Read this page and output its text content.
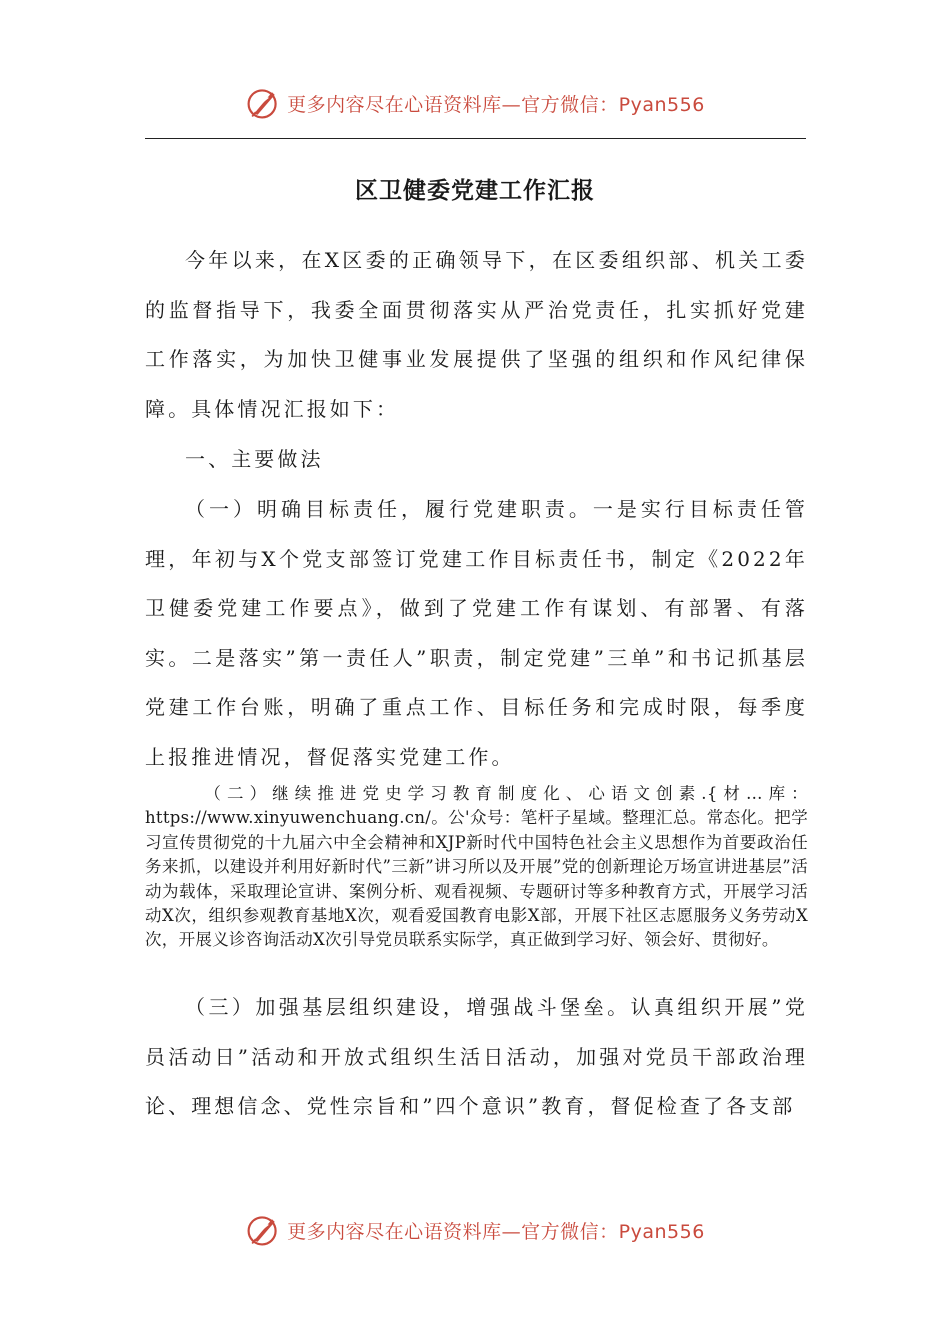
更多内容尽在心语资料库—官方微信：Pyan556
区卫健委党建工作汇报

今年以来，在X区委的正确领导下，在区委组织部、机关工委的监督指导下，我委全面贯彻落实从严治党责任，扎实抓好党建工作落实，为加快卫健事业发展提供了坚强的组织和作风纪律保障。具体情况汇报如下：

一、主要做法

（一）明确目标责任，履行党建职责。一是实行目标责任管理，年初与X个党支部签订党建工作目标责任书，制定《2022年卫健委党建工作要点》，做到了党建工作有谋划、有部署、有落实。二是落实”第一责任人”职责，制定党建”三单”和书记抓基层党建工作台账，明确了重点工作、目标任务和完成时限，每季度上报推进情况，督促落实党建工作。

（二）继续推进党史学习教育制度化、心语文创素.{材…库：https://www.xinyuwenchuang.cn/。公'众号：笔杆子星域。整理汇总。常态化。把学习宣传贯彻党的十九届六中全会精神和XJP新时代中国特色社会主义思想作为首要政治任务来抓，以建设并利用好新时代”三新”讲习所以及开展”党的创新理论万场宣讲进基层”活动为载体，采取理论宣讲、案例分析、观看视频、专题研讨等多种教育方式，开展学习活动X次，组织参观教育基地X次，观看爱国教育电影X部，开展下社区志愿服务义务劳动X次，开展义诊咨询活动X次引导党员联系实际学，真正做到学习好、领会好、贯彻好。

（三）加强基层组织建设，增强战斗堡垒。认真组织开展”党员活动日”活动和开放式组织生活日活动，加强对党员干部政治理论、理想信念、党性宗旨和”四个意识”教育，督促检查了各支部

更多内容尽在心语资料库—官方微信：Pyan556
